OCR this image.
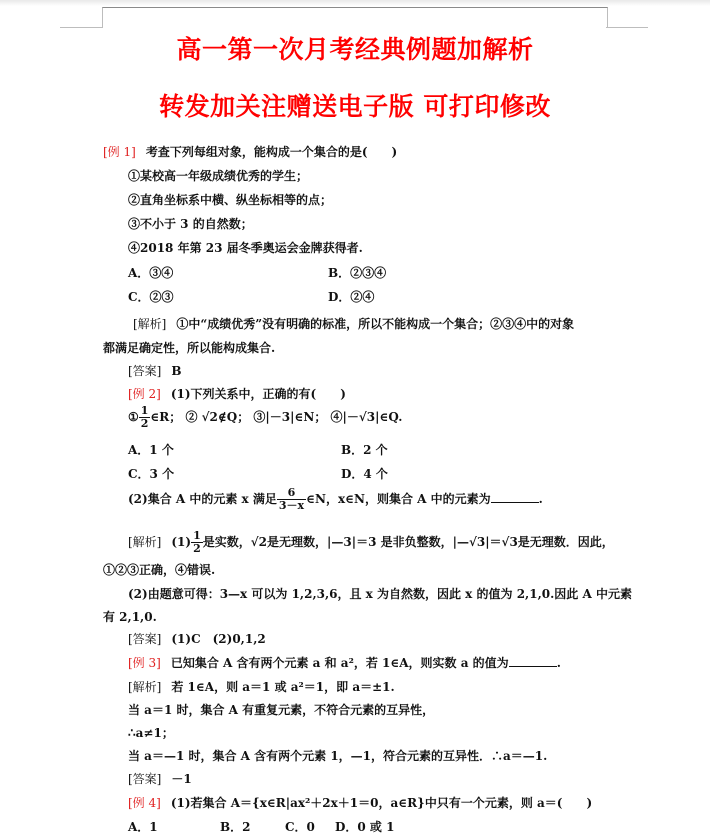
高一第一次月考经典例题加解析
转发加关注赠送电子版 可打印修改
[例 1] 考查下列每组对象，能构成一个集合的是(　　)
①某校高一年级成绩优秀的学生；
②直角坐标系中横、纵坐标相等的点；
③不小于 3 的自然数；
④2018 年第 23 届冬季奥运会金牌获得者.
A．③④	B．②③④
C．②③	D．②④
[解析] ①中“成绩优秀”没有明确的标准，所以不能构成一个集合；②③④中的对象
都满足确定性，所以能构成集合.
[答案] B
[例 2] (1)下列关系中，正确的有(　　)
① $\frac{1}{2}$ ∈R； ② √2∉Q； ③|－3|∈N； ④|－√3|∈Q.
A．1 个	B．2 个
C．3 个	D．4 个
(2)集合 A 中的元素 x 满足 $\frac{6}{3-x}$ ∈N，x∈N，则集合 A 中的元素为	.
[解析] $(1) \frac{1}{2}$ 是实数，√2是无理数，|—3|＝3 是非负整数，|—√3|＝√3是无理数．因此，
①②③正确，④错误.
(2)由题意可得：3—x 可以为 1,2,3,6，且 x 为自然数，因此 x 的值为 2,1,0.因此 A 中元素
有 2,1,0.
[答案] (1)C　(2)0,1,2
[例 3] 已知集合 A 含有两个元素 a 和 a²，若 1∈A，则实数 a 的值为	.
[解析] 若 1∈A，则 a＝1 或 a²＝1，即 a＝±1.
当 a＝1 时，集合 A 有重复元素，不符合元素的互异性，
∴a≠1；
当 a＝—1 时，集合 A 含有两个元素 1，—1，符合元素的互异性．∴a＝—1.
[答案] －1
[例 4] (1)若集合 A＝{x∈R|ax²＋2x＋1＝0，a∈R}中只有一个元素，则 a＝(　　)
A．1	B．2	C．0 D．0 或 1
